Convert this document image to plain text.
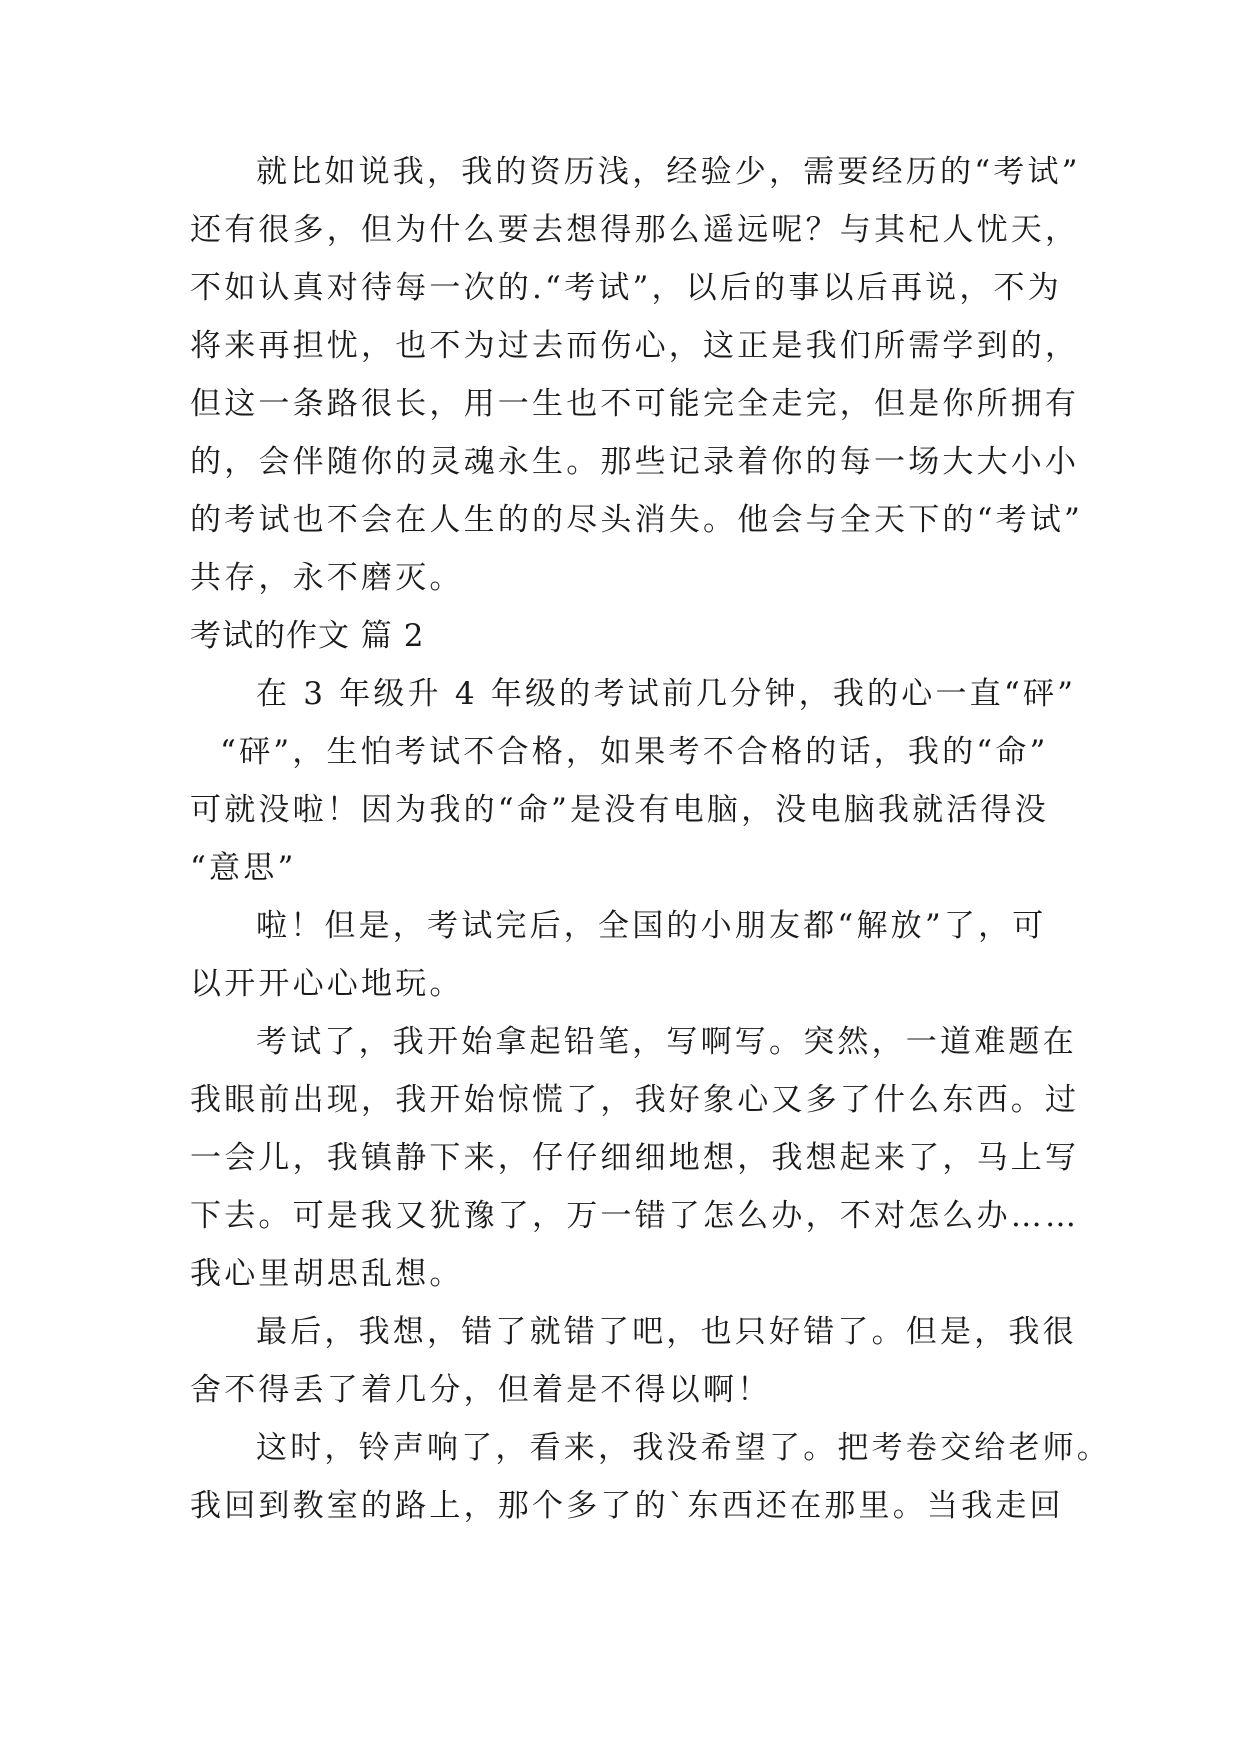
就比如说我，我的资历浅，经验少，需要经历的“考试”
还有很多，但为什么要去想得那么遥远呢？与其杞人忧天，
不如认真对待每一次的.“考试”，以后的事以后再说，不为
将来再担忧，也不为过去而伤心，这正是我们所需学到的，
但这一条路很长，用一生也不可能完全走完，但是你所拥有
的，会伴随你的灵魂永生。那些记录着你的每一场大大小小
的考试也不会在人生的的尽头消失。他会与全天下的“考试”
共存，永不磨灭。
考试的作文 篇 2
在 3 年级升 4 年级的考试前几分钟，我的心一直“砰”
“砰”，生怕考试不合格，如果考不合格的话，我的“命”
可就没啦！因为我的“命”是没有电脑，没电脑我就活得没
“意思”
啦！但是，考试完后，全国的小朋友都“解放”了，可
以开开心心地玩。
考试了，我开始拿起铅笔，写啊写。突然，一道难题在
我眼前出现，我开始惊慌了，我好象心又多了什么东西。过
一会儿，我镇静下来，仔仔细细地想，我想起来了，马上写
下去。可是我又犹豫了，万一错了怎么办，不对怎么办……
我心里胡思乱想。
最后，我想，错了就错了吧，也只好错了。但是，我很
舍不得丢了着几分，但着是不得以啊！
这时，铃声响了，看来，我没希望了。把考卷交给老师。
我回到教室的路上，那个多了的`东西还在那里。当我走回
